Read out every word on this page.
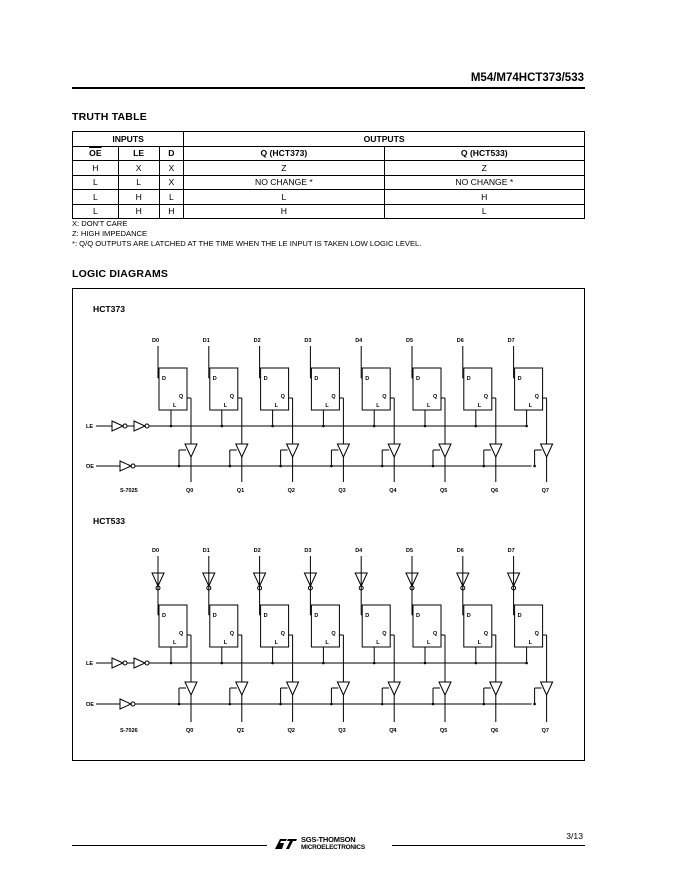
M54/M74HCT373/533
TRUTH TABLE
INPUTS			OUTPUTS	
$\overline{OE}$	LE	D	Q (HCT373)	Q (HCT533)
H	X	X	Z	Z
L	L	X	NO CHANGE *	NO CHANGE *
L	H	L	L	H
L	H	H	H	L
X: DON'T CARE
Z: HIGH IMPEDANCE
*: Q/Q OUTPUTS ARE LATCHED AT THE TIME WHEN THE LE INPUT IS TAKEN LOW LOGIC LEVEL.
LOGIC DIAGRAMS
HCT373
HCT533
D0
D
Q
L
Q0
D1
D
Q
L
Q1
D2
D
Q
L
Q2
D3
D
Q
L
Q3
D4
D
Q
L
Q4
D5
D
Q
L
Q5
D6
D
Q
L
Q6
D7
D
Q
L
Q7
LE
OE
S-7025
D0
D
Q
L
Q0
D1
D
Q
L
Q1
D2
D
Q
L
Q2
D3
D
Q
L
Q3
D4
D
Q
L
Q4
D5
D
Q
L
Q5
D6
D
Q
L
Q6
D7
D
Q
L
Q7
LE
OE
S-7026
3/13
SGS-THOMSON
MICROELECTRONICS
